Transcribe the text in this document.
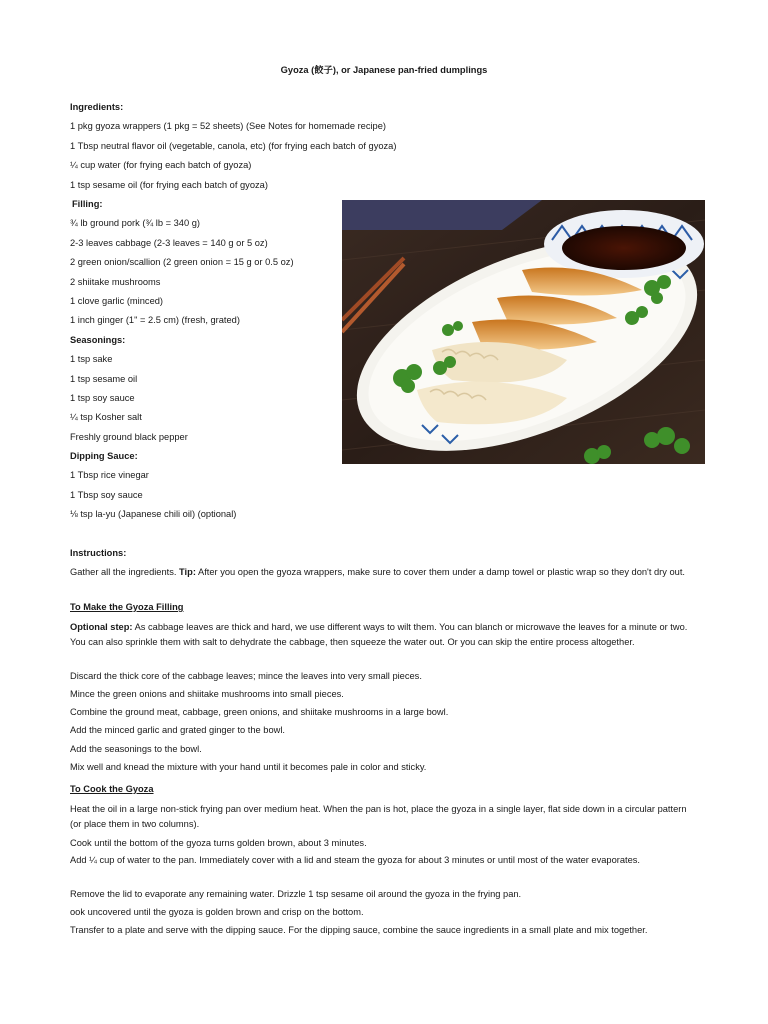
Gyoza (餃子), or Japanese pan-fried dumplings
Ingredients:
1 pkg gyoza wrappers (1 pkg = 52 sheets) (See Notes for homemade recipe)
1 Tbsp neutral flavor oil (vegetable, canola, etc) (for frying each batch of gyoza)
¼ cup water (for frying each batch of gyoza)
1 tsp sesame oil (for frying each batch of gyoza)
Filling:
¾ lb ground pork (¾ lb = 340 g)
2-3 leaves cabbage (2-3 leaves = 140 g or 5 oz)
2 green onion/scallion (2 green onion = 15 g or 0.5 oz)
2 shiitake mushrooms
1 clove garlic (minced)
1 inch ginger (1" = 2.5 cm) (fresh, grated)
Seasonings:
1 tsp sake
1 tsp sesame oil
1 tsp soy sauce
¼ tsp Kosher salt
Freshly ground black pepper
Dipping Sauce:
1 Tbsp rice vinegar
1 Tbsp soy sauce
⅛ tsp la-yu (Japanese chili oil) (optional)
Instructions:
Gather all the ingredients. Tip: After you open the gyoza wrappers, make sure to cover them under a damp towel or plastic wrap so they don't dry out.
To Make the Gyoza Filling
Optional step: As cabbage leaves are thick and hard, we use different ways to wilt them. You can blanch or microwave the leaves for a minute or two. You can also sprinkle them with salt to dehydrate the cabbage, then squeeze the water out. Or you can skip the entire process altogether.
Discard the thick core of the cabbage leaves; mince the leaves into very small pieces.
Mince the green onions and shiitake mushrooms into small pieces.
Combine the ground meat, cabbage, green onions, and shiitake mushrooms in a large bowl.
Add the minced garlic and grated ginger to the bowl.
Add the seasonings to the bowl.
Mix well and knead the mixture with your hand until it becomes pale in color and sticky.
To Cook the Gyoza
Heat the oil in a large non-stick frying pan over medium heat. When the pan is hot, place the gyoza in a single layer, flat side down in a circular pattern (or place them in two columns).
Cook until the bottom of the gyoza turns golden brown, about 3 minutes.
Add ¼ cup of water to the pan. Immediately cover with a lid and steam the gyoza for about 3 minutes or until most of the water evaporates.
Remove the lid to evaporate any remaining water. Drizzle 1 tsp sesame oil around the gyoza in the frying pan.
ook uncovered until the gyoza is golden brown and crisp on the bottom.
Transfer to a plate and serve with the dipping sauce. For the dipping sauce, combine the sauce ingredients in a small plate and mix together.
